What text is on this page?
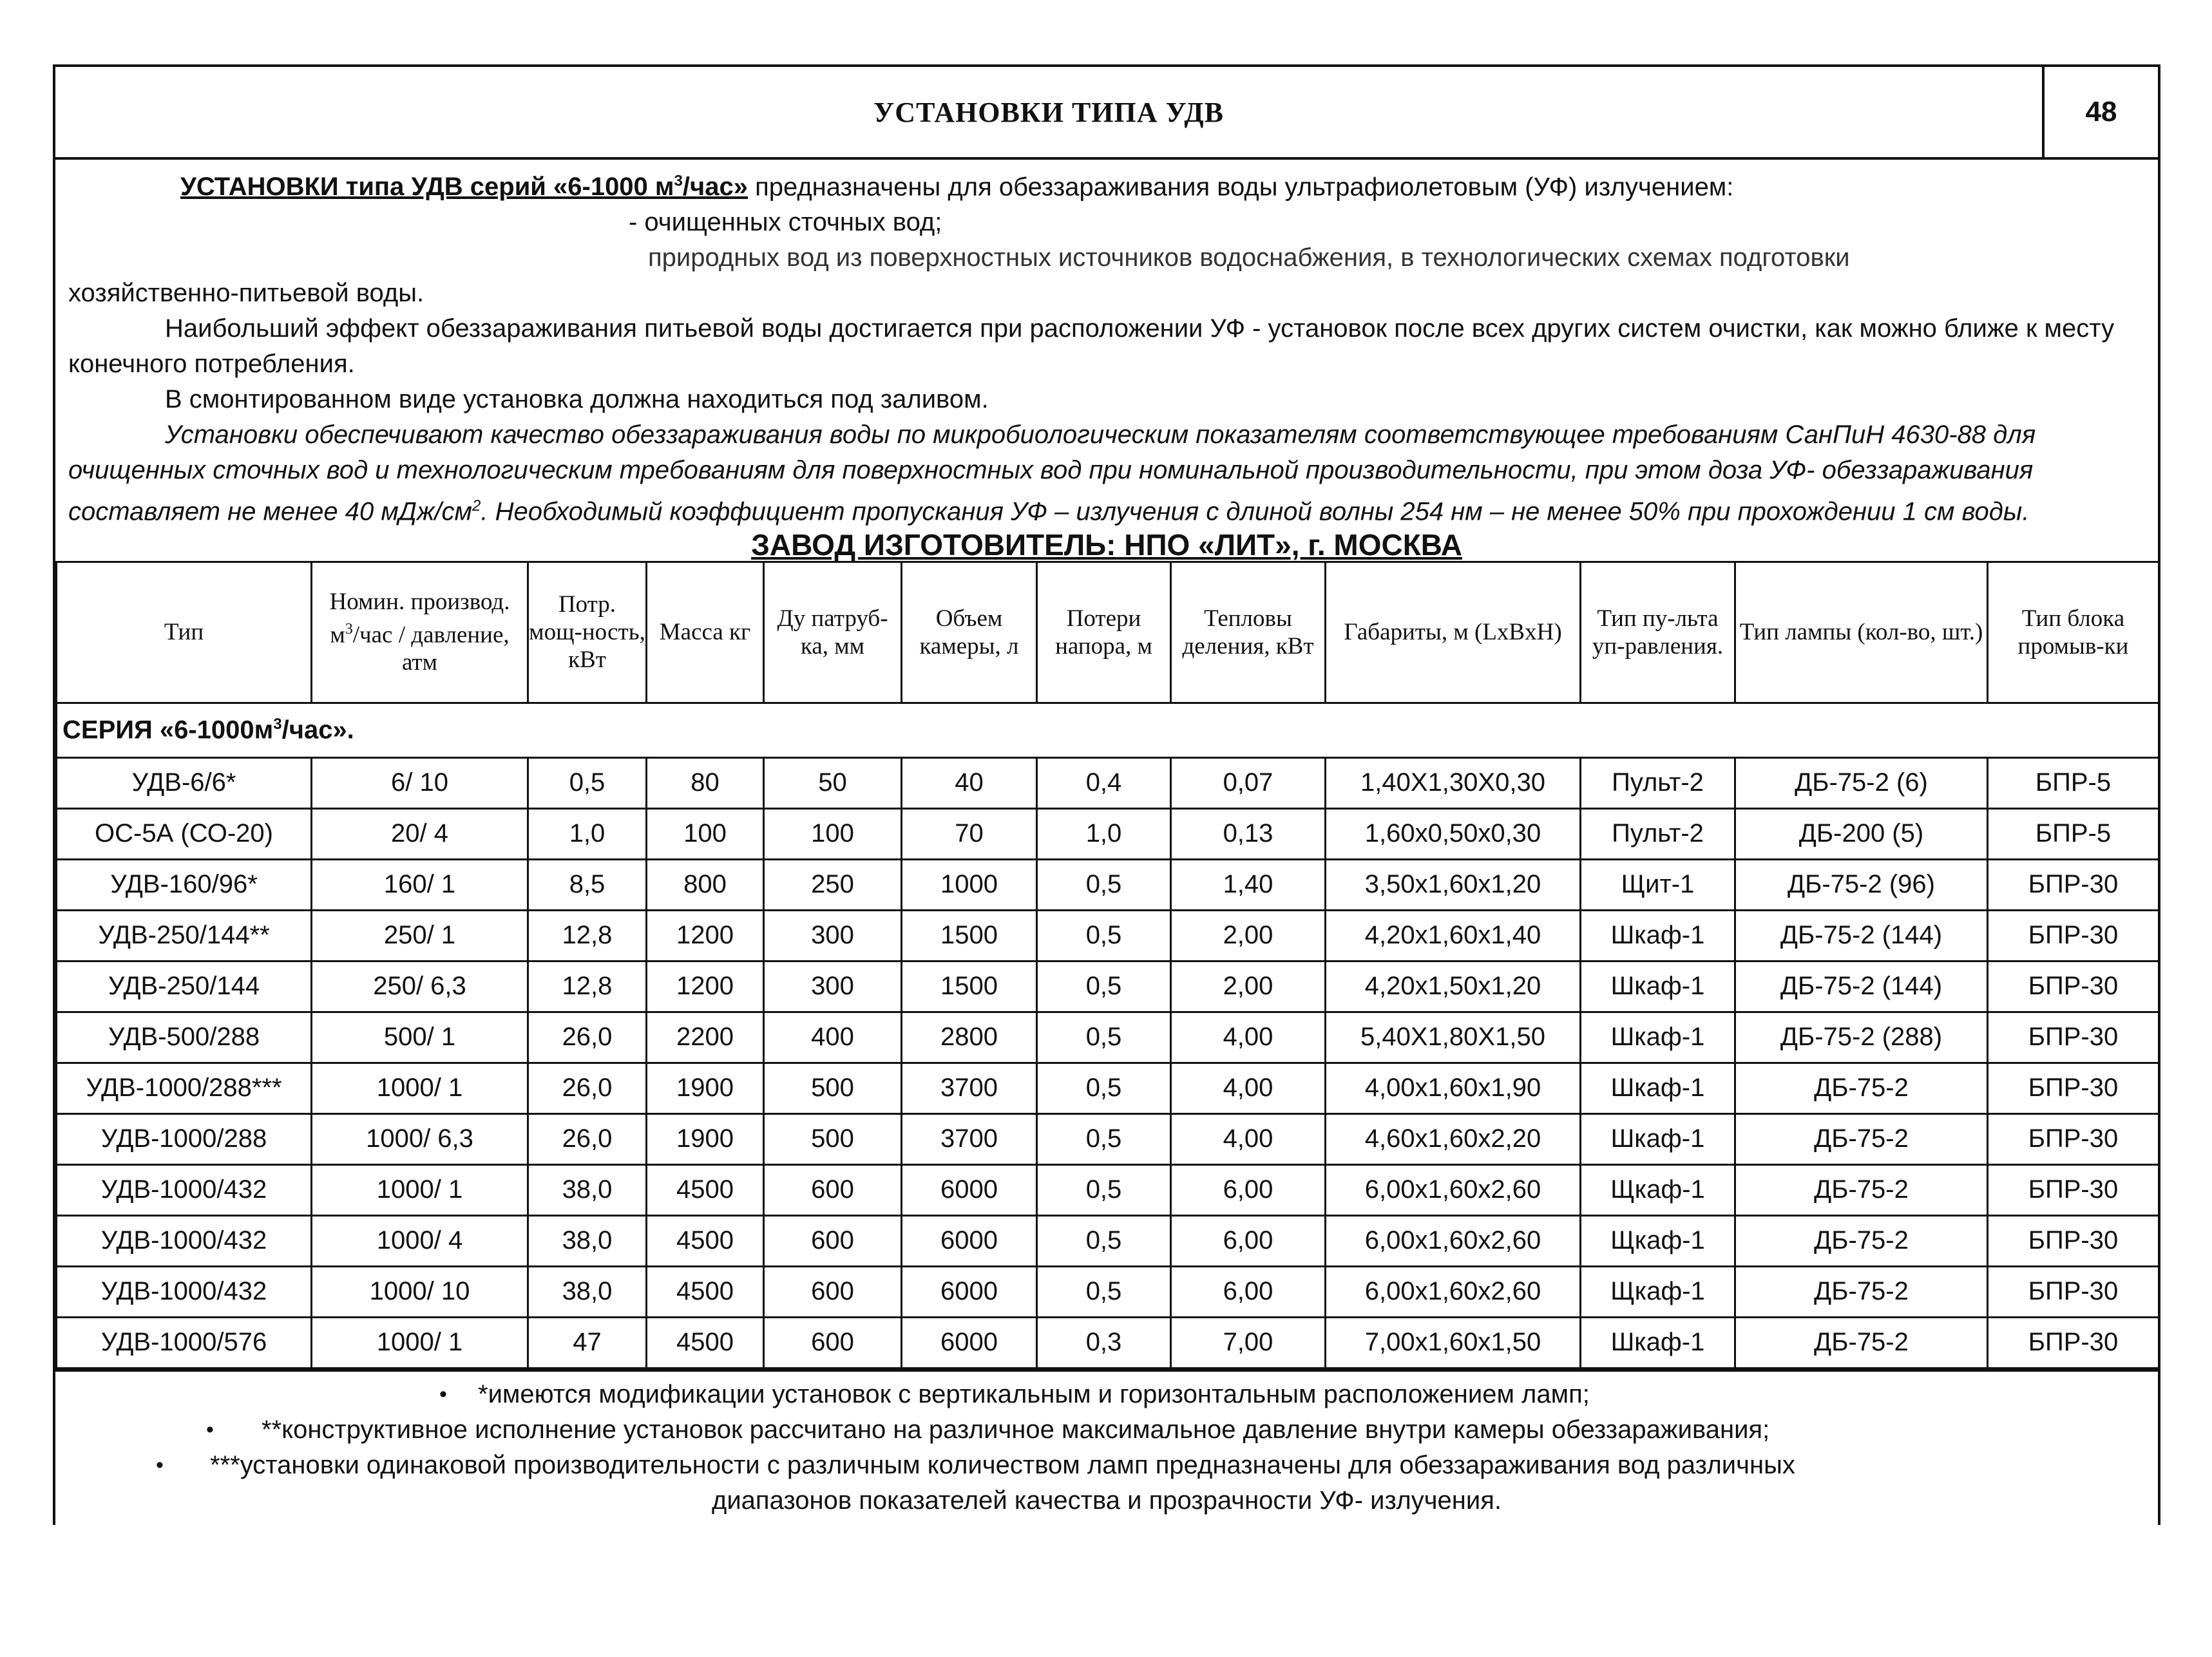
УСТАНОВКИ ТИПА УДВ	48

УСТАНОВКИ типа УДВ серий «6-1000 $м^3$/час» предназначены для обеззараживания воды ультрафиолетовым (УФ) излучением:

- очищенных сточных вод;

природных вод из поверхностных источников водоснабжения, в технологических схемах подготовки

хозяйственно-питьевой воды.

Наибольший эффект обеззараживания питьевой воды достигается при расположении УФ - установок после всех других систем очистки, как можно ближе к месту конечного потребления.

В смонтированном виде установка должна находиться под заливом.

Установки обеспечивают качество обеззараживания воды по микробиологическим показателям соответствующее требованиям СанПиН 4630-88 для очищенных сточных вод и технологическим требованиям для поверхностных вод при номинальной производительности, при этом доза УФ- обеззараживания составляет не менее 40 мДж/$см^2$. Необходимый коэффициент пропускания УФ – излучения с длиной волны 254 нм – не менее 50% при прохождении 1 см воды.

ЗАВОД ИЗГОТОВИТЕЛЬ: НПО «ЛИТ», г. МОСКВА
Тип	Номин. производ. $м^3$/час / давление, атм	Потр. мощ-ность, кВт	Масса кг	Ду патруб-ка, мм	Объем камеры, л	Потери напора, м	Тепловы деления, кВт	Габариты, м (LxBxH)	Тип пу-льта уп-равления.	Тип лампы (кол-во, шт.)	Тип блока промыв-ки
СЕРИЯ «$6-1000м^3$/час».											
УДВ-6/6*	6/ 10	0,5	80	50	40	0,4	0,07	1,40X1,30X0,30	Пульт-2	ДБ-75-2 (6)	БПР-5
ОС-5А (СО-20)	20/ 4	1,0	100	100	70	1,0	0,13	1,60x0,50x0,30	Пульт-2	ДБ-200 (5)	БПР-5
УДВ-160/96*	160/ 1	8,5	800	250	1000	0,5	1,40	3,50x1,60x1,20	Щит-1	ДБ-75-2 (96)	БПР-30
УДВ-250/144**	250/ 1	12,8	1200	300	1500	0,5	2,00	4,20x1,60x1,40	Шкаф-1	ДБ-75-2 (144)	БПР-30
УДВ-250/144	250/ 6,3	12,8	1200	300	1500	0,5	2,00	4,20x1,50x1,20	Шкаф-1	ДБ-75-2 (144)	БПР-30
УДВ-500/288	500/ 1	26,0	2200	400	2800	0,5	4,00	5,40X1,80X1,50	Шкаф-1	ДБ-75-2 (288)	БПР-30
УДВ-1000/288***	1000/ 1	26,0	1900	500	3700	0,5	4,00	4,00x1,60x1,90	Шкаф-1	ДБ-75-2	БПР-30
УДВ-1000/288	1000/ 6,3	26,0	1900	500	3700	0,5	4,00	4,60x1,60x2,20	Шкаф-1	ДБ-75-2	БПР-30
УДВ-1000/432	1000/ 1	38,0	4500	600	6000	0,5	6,00	6,00x1,60x2,60	Щкаф-1	ДБ-75-2	БПР-30
УДВ-1000/432	1000/ 4	38,0	4500	600	6000	0,5	6,00	6,00x1,60x2,60	Щкаф-1	ДБ-75-2	БПР-30
УДВ-1000/432	1000/ 10	38,0	4500	600	6000	0,5	6,00	6,00x1,60x2,60	Щкаф-1	ДБ-75-2	БПР-30
УДВ-1000/576	1000/ 1	47	4500	600	6000	0,3	7,00	7,00x1,60x1,50	Шкаф-1	ДБ-75-2	БПР-30
• *имеются модификации установок с вертикальным и горизонтальным расположением ламп;
• **конструктивное исполнение установок рассчитано на различное максимальное давление внутри камеры обеззараживания;
• ***установки одинаковой производительности с различным количеством ламп предназначены для обеззараживания вод различных
диапазонов показателей качества и прозрачности УФ- излучения.
